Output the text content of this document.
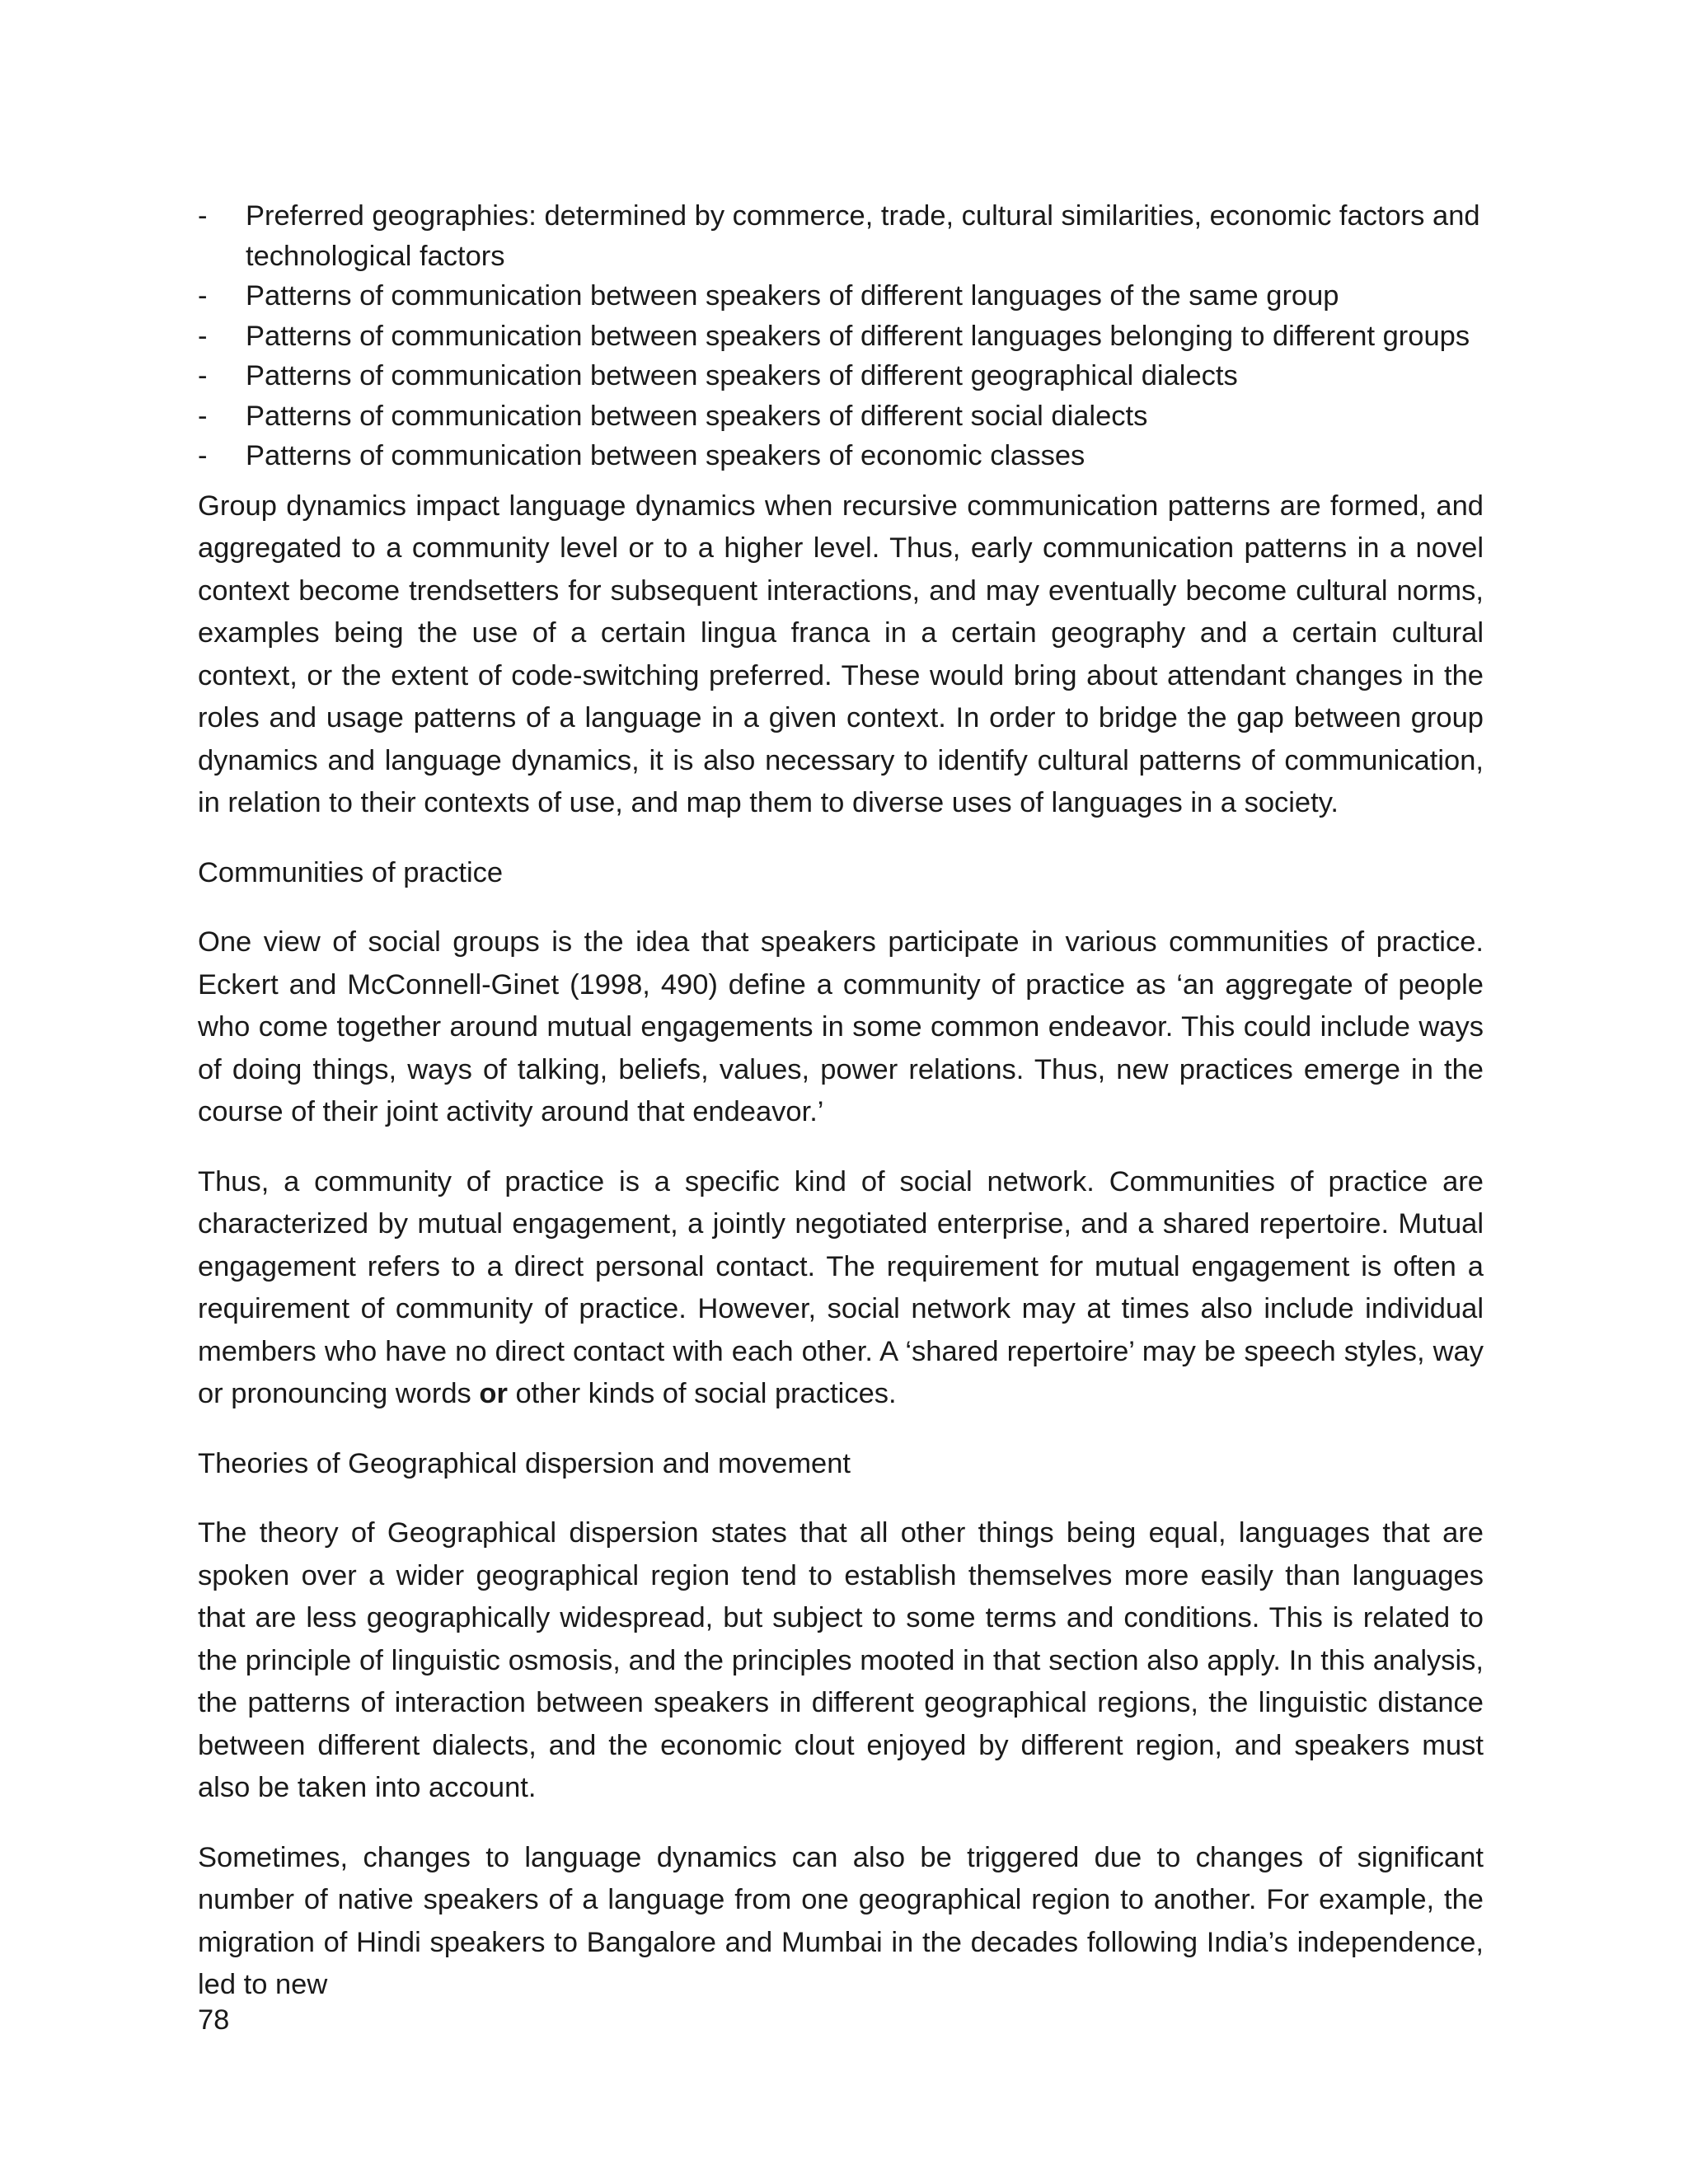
- Preferred geographies: determined by commerce, trade, cultural similarities, economic factors and technological factors
- Patterns of communication between speakers of different languages of the same group
- Patterns of communication between speakers of different languages belonging to different groups
- Patterns of communication between speakers of different geographical dialects
- Patterns of communication between speakers of different social dialects
- Patterns of communication between speakers of economic classes

Group dynamics impact language dynamics when recursive communication patterns are formed, and aggregated to a community level or to a higher level. Thus, early communication patterns in a novel context become trendsetters for subsequent interactions, and may eventually become cultural norms, examples being the use of a certain lingua franca in a certain geography and a certain cultural context, or the extent of code-switching preferred. These would bring about attendant changes in the roles and usage patterns of a language in a given context. In order to bridge the gap between group dynamics and language dynamics, it is also necessary to identify cultural patterns of communication, in relation to their contexts of use, and map them to diverse uses of languages in a society.

Communities of practice

One view of social groups is the idea that speakers participate in various communities of practice. Eckert and McConnell-Ginet (1998, 490) define a community of practice as ‘an aggregate of people who come together around mutual engagements in some common endeavor. This could include ways of doing things, ways of talking, beliefs, values, power relations. Thus, new practices emerge in the course of their joint activity around that endeavor.’

Thus, a community of practice is a specific kind of social network. Communities of practice are characterized by mutual engagement, a jointly negotiated enterprise, and a shared repertoire. Mutual engagement refers to a direct personal contact. The requirement for mutual engagement is often a requirement of community of practice. However, social network may at times also include individual members who have no direct contact with each other. A ‘shared repertoire’ may be speech styles, way or pronouncing words or other kinds of social practices.

Theories of Geographical dispersion and movement

The theory of Geographical dispersion states that all other things being equal, languages that are spoken over a wider geographical region tend to establish themselves more easily than languages that are less geographically widespread, but subject to some terms and conditions. This is related to the principle of linguistic osmosis, and the principles mooted in that section also apply. In this analysis, the patterns of interaction between speakers in different geographical regions, the linguistic distance between different dialects, and the economic clout enjoyed by different region, and speakers must also be taken into account.

Sometimes, changes to language dynamics can also be triggered due to changes of significant number of native speakers of a language from one geographical region to another. For example, the migration of Hindi speakers to Bangalore and Mumbai in the decades following India’s independence, led to new

78
